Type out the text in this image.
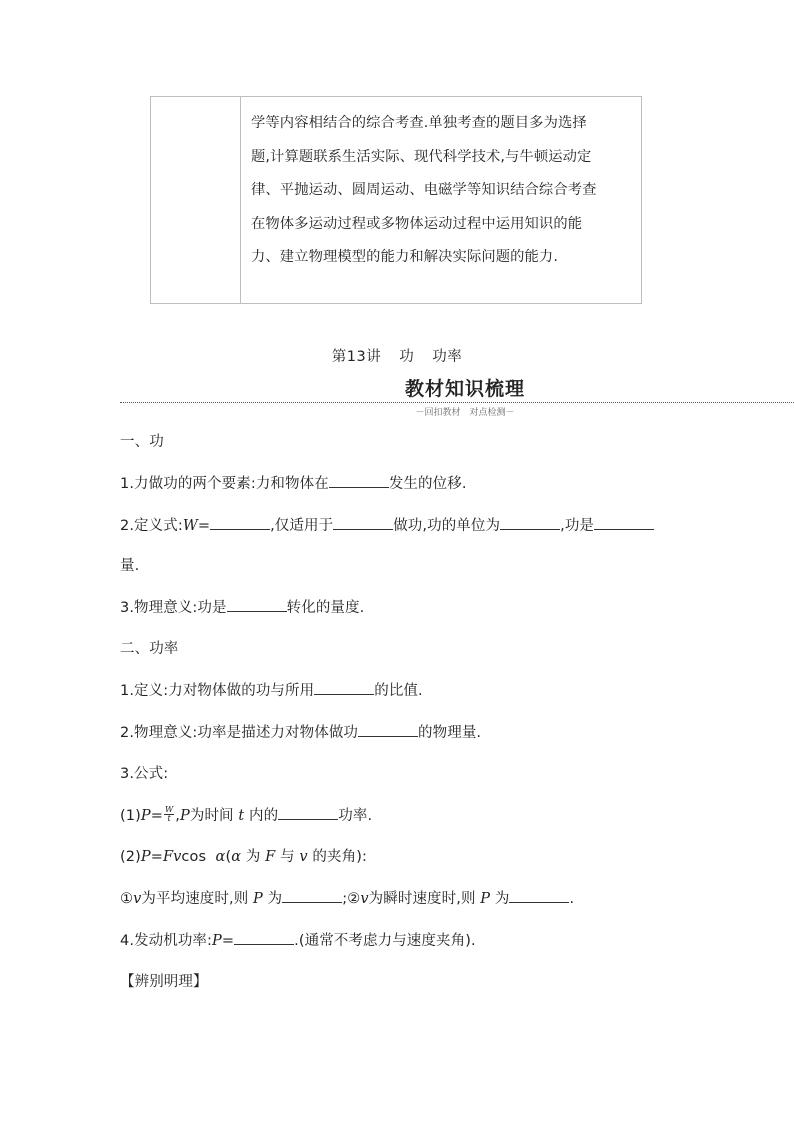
学等内容相结合的综合考查.单独考查的题目多为选择

题,计算题联系生活实际、现代科学技术,与牛顿运动定

律、平抛运动、圆周运动、电磁学等知识结合综合考查

在物体多运动过程或多物体运动过程中运用知识的能

力、建立物理模型的能力和解决实际问题的能力.

第13讲 功 功率
教材知识梳理
－回扣教材　对点检测－
一、功
1.力做功的两个要素:力和物体在	发生的位移.
2.定义式:W=	,仅适用于	做功,功的单位为	,功是
量.
3.物理意义:功是	转化的量度.
二、功率
1.定义:力对物体做的功与所用	的比值.
2.物理意义:功率是描述力对物体做功	的物理量.
3.公式:
$(1)P= \frac{W}{t} ,P$为时间 t 内的	功率.
(2)P=Fvcos α(α 为 F 与 v 的夹角):
①v为平均速度时,则 P 为	;②v为瞬时速度时,则 P 为	.
4.发动机功率:P=	.(通常不考虑力与速度夹角).
【辨别明理】
